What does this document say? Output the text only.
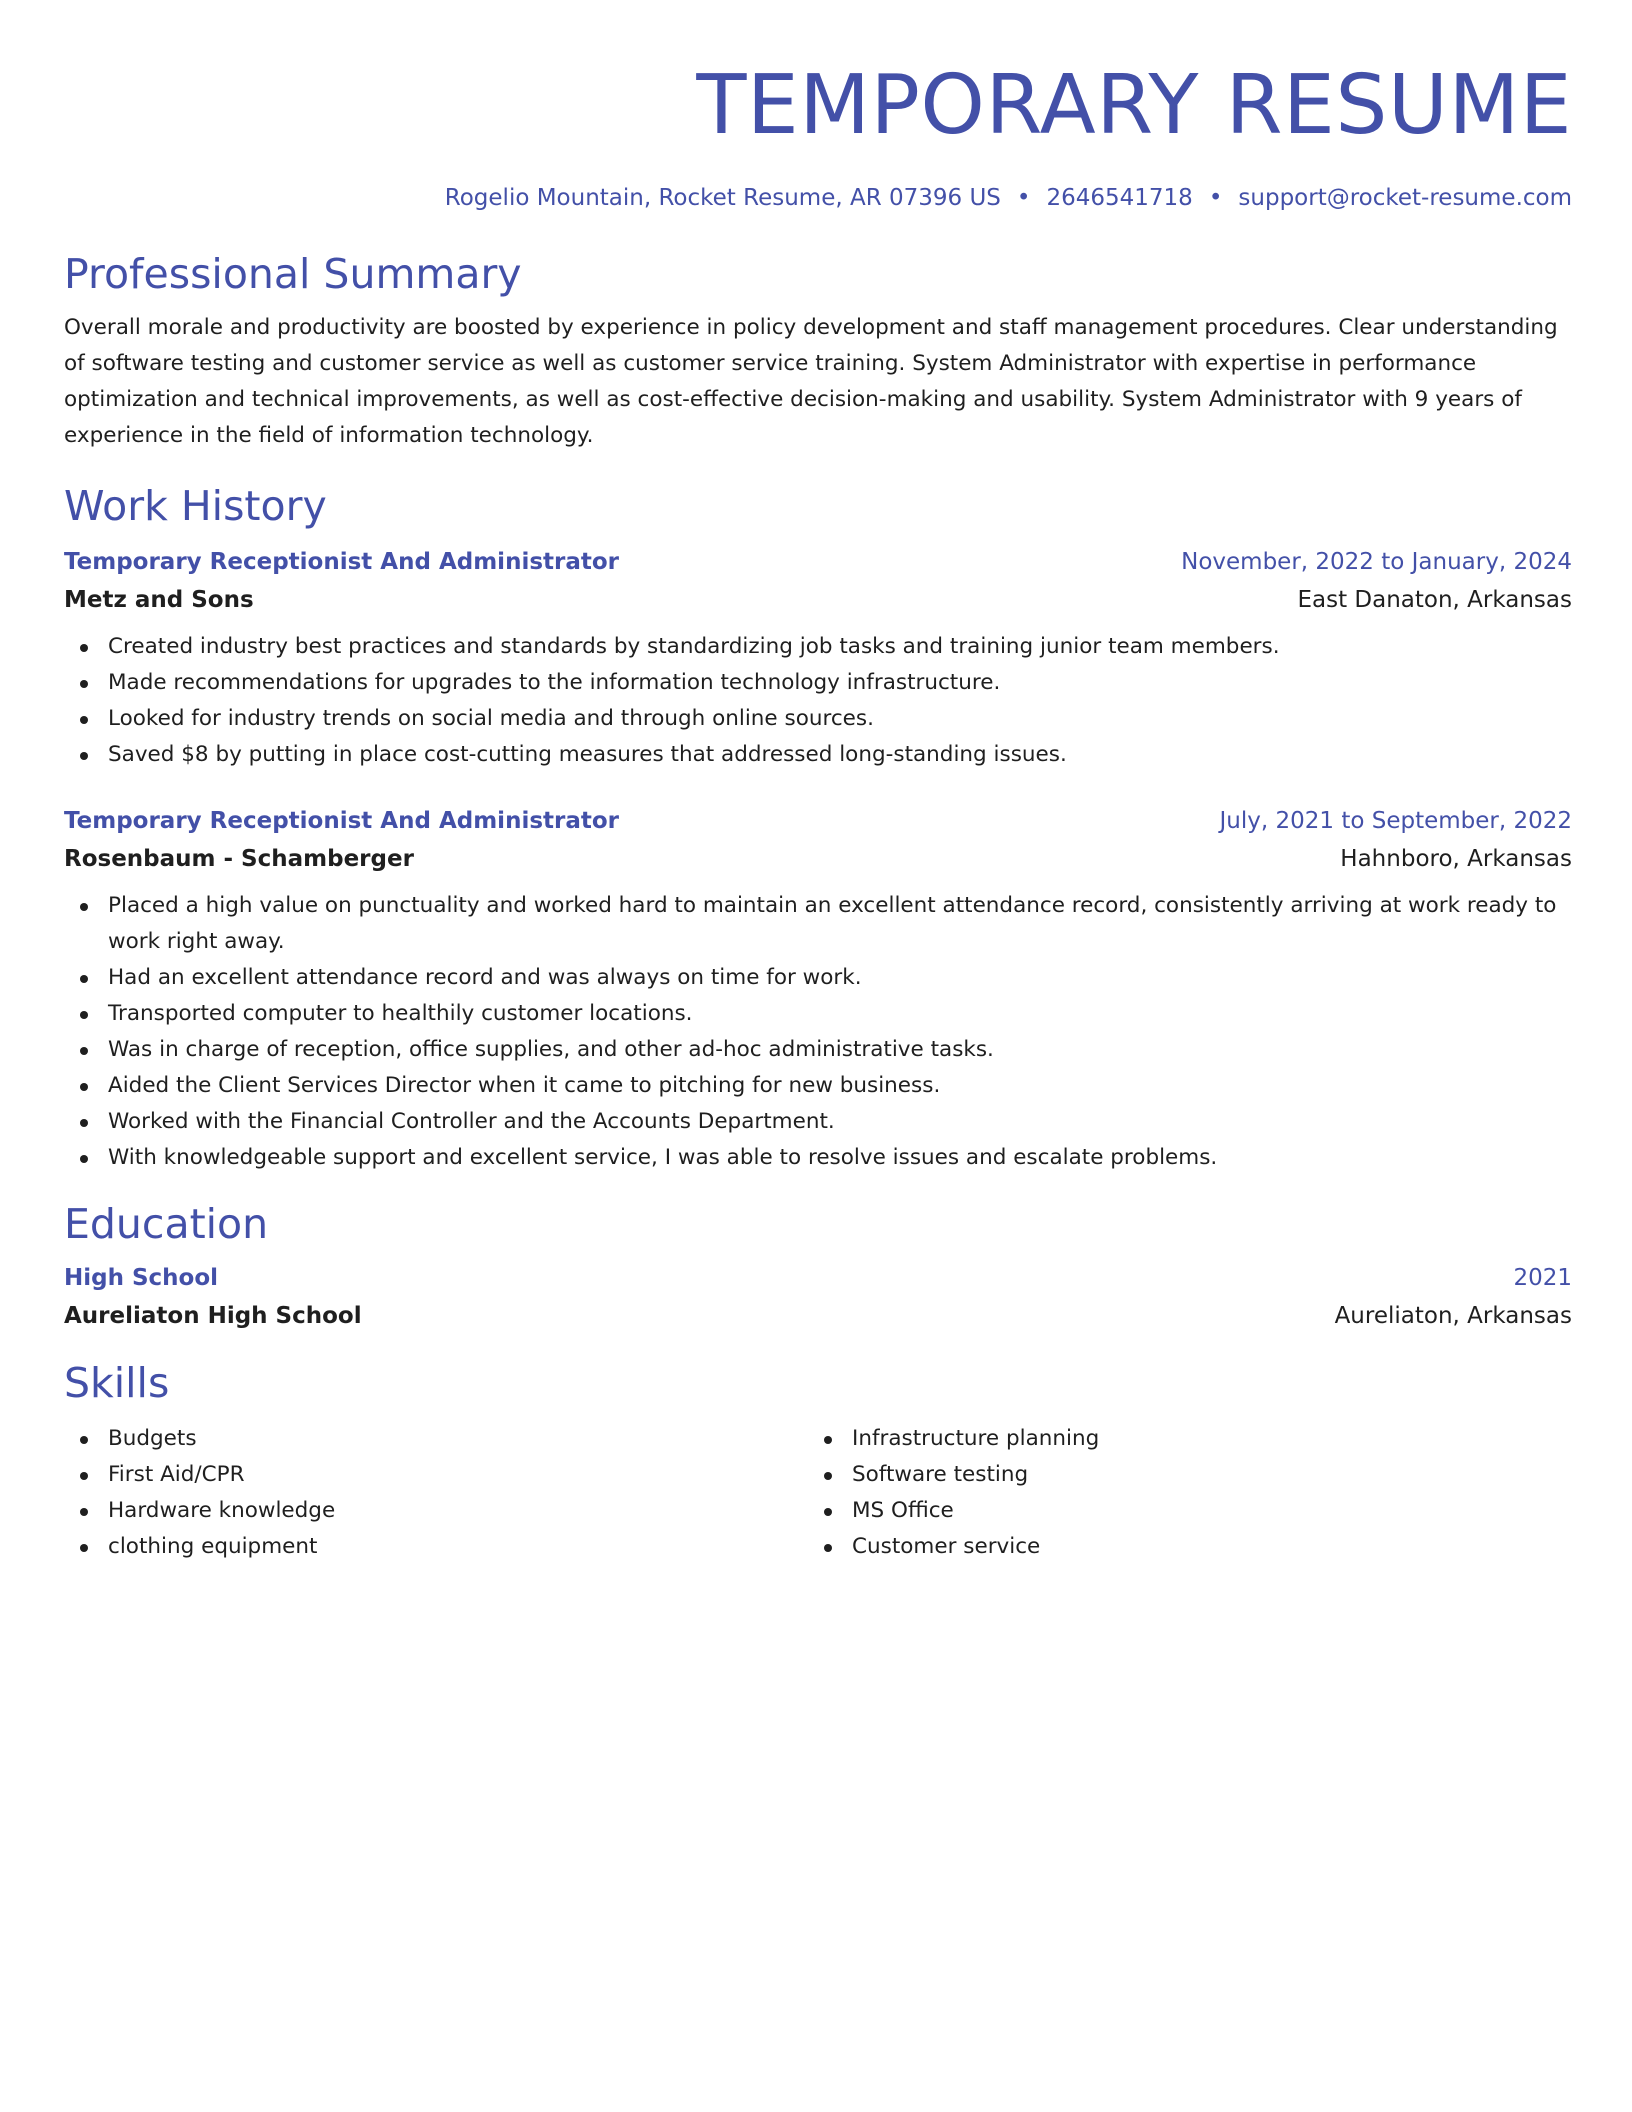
TEMPORARY RESUME
Rogelio Mountain, Rocket Resume, AR 07396 US • 2646541718 • support@rocket-resume.com
Professional Summary

Overall morale and productivity are boosted by experience in policy development and staff management procedures. Clear understanding of software testing and customer service as well as customer service training. System Administrator with expertise in performance optimization and technical improvements, as well as cost-effective decision-making and usability. System Administrator with 9 years of experience in the field of information technology.

Work History
Temporary Receptionist And Administrator	November, 2022 to January, 2024
Metz and Sons	East Danaton, Arkansas
Created industry best practices and standards by standardizing job tasks and training junior team members.
Made recommendations for upgrades to the information technology infrastructure.
Looked for industry trends on social media and through online sources.
Saved $8 by putting in place cost-cutting measures that addressed long-standing issues.
Temporary Receptionist And Administrator	July, 2021 to September, 2022
Rosenbaum - Schamberger	Hahnboro, Arkansas
Placed a high value on punctuality and worked hard to maintain an excellent attendance record, consistently arriving at work ready to work right away.
Had an excellent attendance record and was always on time for work.
Transported computer to healthily customer locations.
Was in charge of reception, office supplies, and other ad-hoc administrative tasks.
Aided the Client Services Director when it came to pitching for new business.
Worked with the Financial Controller and the Accounts Department.
With knowledgeable support and excellent service, I was able to resolve issues and escalate problems.
Education
High School	2021
Aureliaton High School	Aureliaton, Arkansas
Skills
Budgets
First Aid/CPR
Hardware knowledge
clothing equipment
Infrastructure planning
Software testing
MS Office
Customer service
